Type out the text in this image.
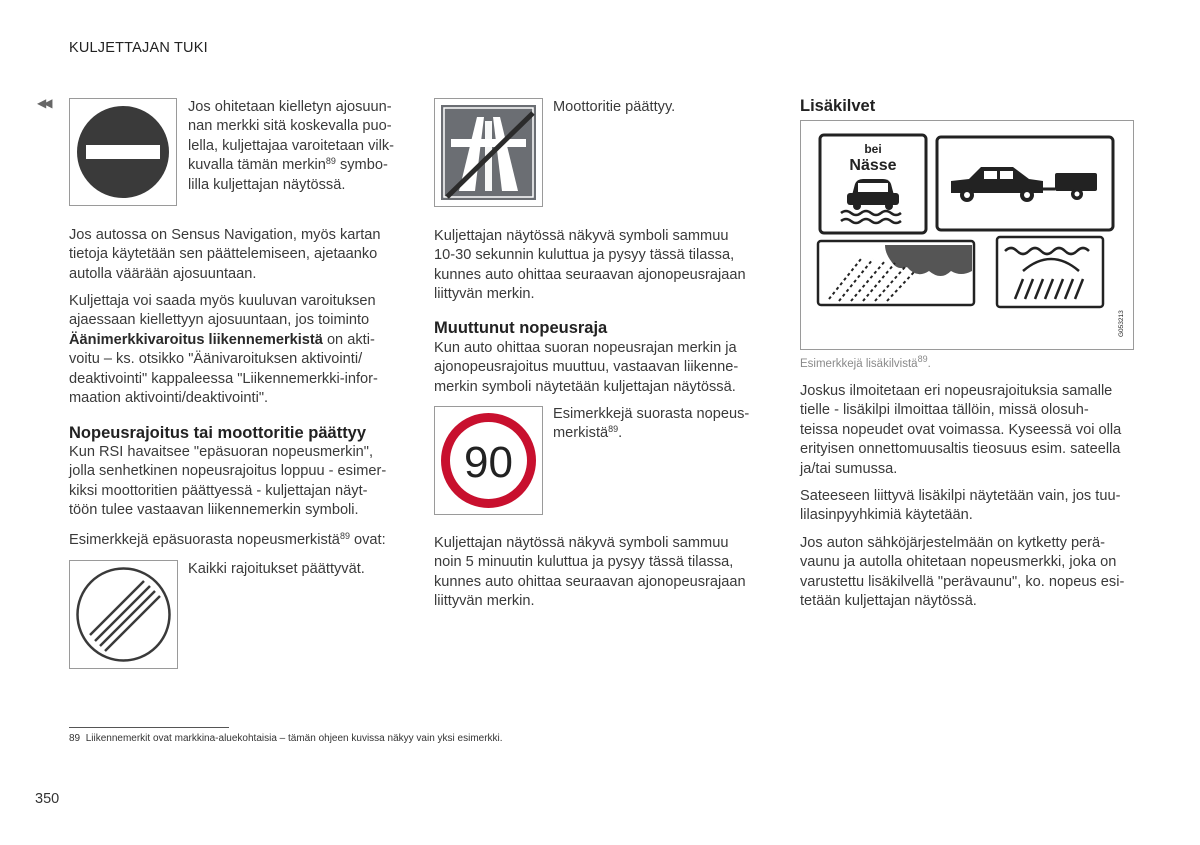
KULJETTAJAN TUKI
◀◀	Jos ohitetaan kielletyn ajosuun-
nan merkki sitä koskevalla puo-
lella, kuljettajaa varoitetaan vilk-
kuvalla tämän merkin$^{89}$ symbo-
lilla kuljettajan näytössä.
Jos autossa on Sensus Navigation, myös kartan
tietoja käytetään sen päättelemiseen, ajetaanko
autolla väärään ajosuuntaan.
Kuljettaja voi saada myös kuuluvan varoituksen
ajaessaan kiellettyyn ajosuuntaan, jos toiminto
Äänimerkkivaroitus liikennemerkistä on akti-
voitu – ks. otsikko "Äänivaroituksen aktivointi/
deaktivointi" kappaleessa "Liikennemerkki-infor-
maation aktivointi/deaktivointi".
Nopeusrajoitus tai moottoritie päättyy
Kun RSI havaitsee "epäsuoran nopeusmerkin",
jolla senhetkinen nopeusrajoitus loppuu - esimer-
kiksi moottoritien päättyessä - kuljettajan näyt-
töön tulee vastaavan liikennemerkin symboli.
Esimerkkejä epäsuorasta nopeusmerkistä$^{89}$ ovat:
Kaikki rajoitukset päättyvät.
Moottoritie päättyy.
Kuljettajan näytössä näkyvä symboli sammuu
10-30 sekunnin kuluttua ja pysyy tässä tilassa,
kunnes auto ohittaa seuraavan ajonopeusrajaan
liittyvän merkin.
Muuttunut nopeusraja
Kun auto ohittaa suoran nopeusrajan merkin ja
ajonopeusrajoitus muuttuu, vastaavan liikenne-
merkin symboli näytetään kuljettajan näytössä.
90
Esimerkkejä suorasta nopeus-
merkistä$^{89}$.
Kuljettajan näytössä näkyvä symboli sammuu
noin 5 minuutin kuluttua ja pysyy tässä tilassa,
kunnes auto ohittaa seuraavan ajonopeusrajaan
liittyvän merkin.
Lisäkilvet
bei
Nässe
G053213
Esimerkkejä lisäkilvistä$^{89}$.
Joskus ilmoitetaan eri nopeusrajoituksia samalle
tielle - lisäkilpi ilmoittaa tällöin, missä olosuh-
teissa nopeudet ovat voimassa. Kyseessä voi olla
erityisen onnettomuusaltis tieosuus esim. sateella
ja/tai sumussa.
Sateeseen liittyvä lisäkilpi näytetään vain, jos tuu-
lilasinpyyhkimiä käytetään.
Jos auton sähköjärjestelmään on kytketty perä-
vaunu ja autolla ohitetaan nopeusmerkki, joka on
varustettu lisäkilvellä "perävaunu", ko. nopeus esi-
tetään kuljettajan näytössä.
89 Liikennemerkit ovat markkina-aluekohtaisia – tämän ohjeen kuvissa näkyy vain yksi esimerkki.
350
